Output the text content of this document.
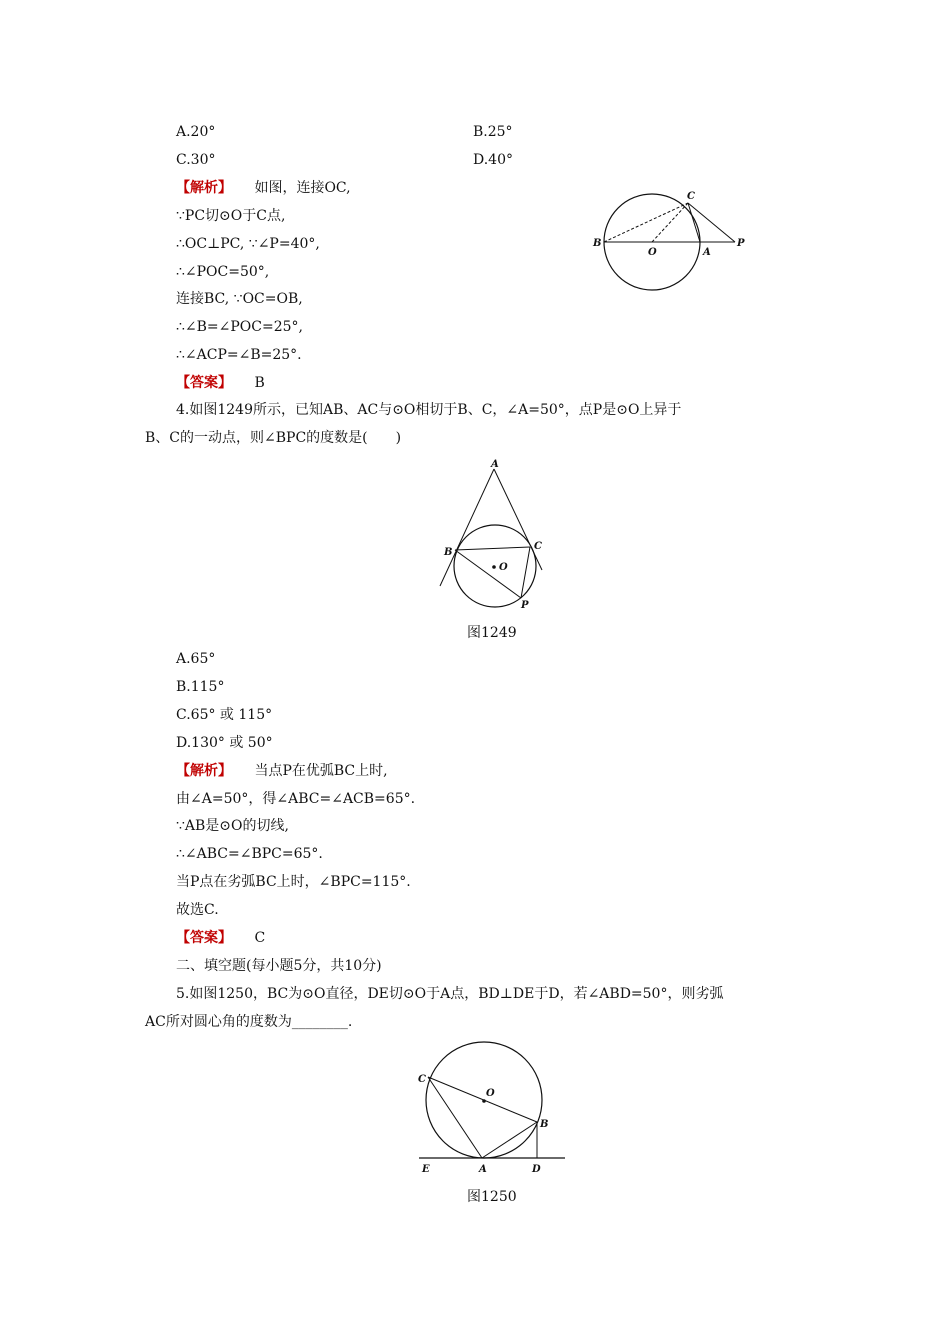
A.20°	B.25°
C.30°	D.40°
【解析】 如图，连接OC,
∵PC切⊙O于C点,
∴OC⊥PC, ∵∠P=40°,
∴∠POC=50°,
连接BC, ∵OC=OB,
∴∠B=∠POC=25°,
∴∠ACP=∠B=25°.
【答案】 B
B
O	A
P
C
4.如图1249所示，已知AB、AC与⊙O相切于B、C，∠A=50°，点P是⊙O上异于
B、C的一动点，则∠BPC的度数是(　　)
A
B
C
O
P
图1249
A.65°
B.115°
C.65° 或 115°
D.130° 或 50°
【解析】 当点P在优弧BC上时,
由∠A=50°，得∠ABC=∠ACB=65°.
∵AB是⊙O的切线,
∴∠ABC=∠BPC=65°.
当P点在劣弧BC上时，∠BPC=115°.
故选C.
【答案】 C
二、填空题(每小题5分，共10分)
5.如图1250，BC为⊙O直径，DE切⊙O于A点，BD⊥DE于D，若∠ABD=50°，则劣弧
AC所对圆心角的度数为________.
C
O
B
E	A	D
图1250
